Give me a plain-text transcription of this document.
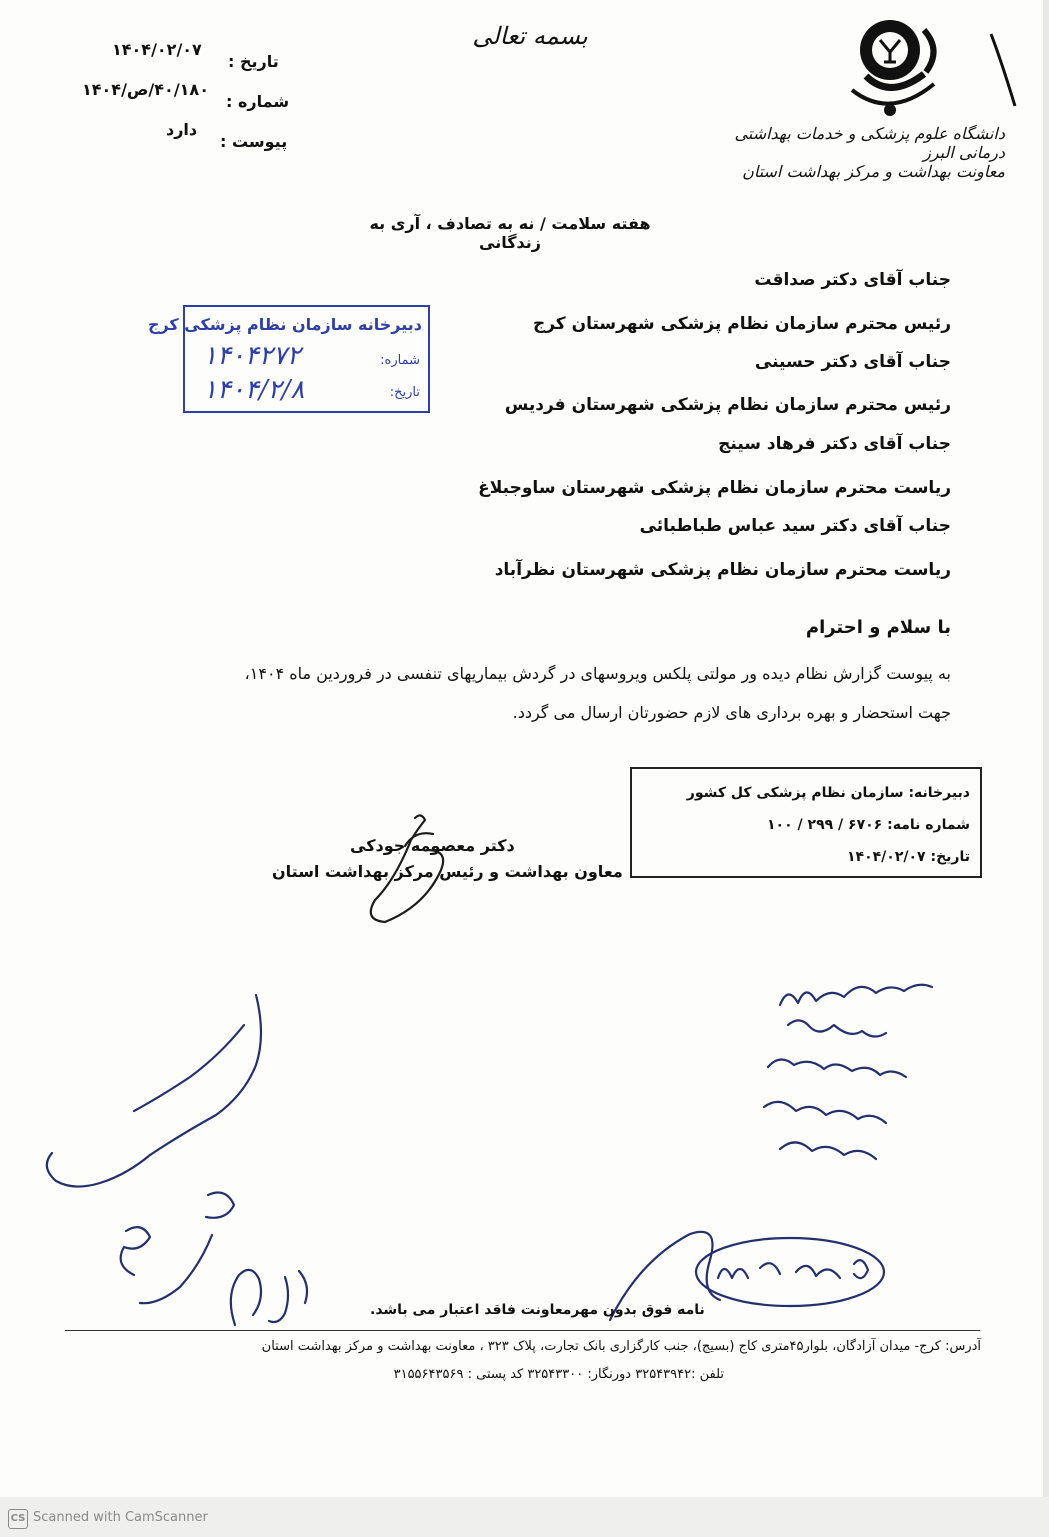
بسمه تعالی
تاریخ :
۱۴۰۴/۰۲/۰۷
شماره :
۴۰/۱۸۰/ص/۱۴۰۴
پیوست :
دارد	دانشگاه علوم پزشکی و خدمات بهداشتی درمانی البرز
معاونت بهداشت و مرکز بهداشت استان
هفته سلامت / نه به تصادف ، آری به زندگانی
جناب آقای دکتر صداقت
رئیس محترم سازمان نظام پزشکی شهرستان کرج
جناب آقای دکتر حسینی
رئیس محترم سازمان نظام پزشکی شهرستان فردیس
جناب آقای دکتر فرهاد سینج
ریاست محترم سازمان نظام پزشکی شهرستان ساوجبلاغ
جناب آقای دکتر سید عباس طباطبائی
ریاست محترم سازمان نظام پزشکی شهرستان نظرآباد
دبیرخانه سازمان نظام پزشکی کرج
شماره:
۱۴۰۴۲۷۲
تاریخ:
۱۴۰۴/۲/۸
با سلام و احترام
به پیوست گزارش نظام دیده ور مولتی پلکس ویروسهای در گردش بیماریهای تنفسی در فروردین ماه ۱۴۰۴،
جهت استحضار و بهره برداری های لازم حضورتان ارسال می گردد.
دبیرخانه: سازمان نظام پزشکی کل کشور
شماره نامه: ۶۷۰۶ / ۲۹۹ / ۱۰۰
تاریخ: ۱۴۰۴/۰۲/۰۷
دکتر معصومه جودکی
معاون بهداشت و رئیس مرکز بهداشت استان
نامه فوق بدون مهرمعاونت فاقد اعتبار می باشد.
آدرس: کرج- میدان آزادگان، بلوار۴۵متری کاج (بسیج)، جنب کارگزاری بانک تجارت، پلاک ۳۲۳ ، معاونت بهداشت و مرکز بهداشت استان
تلفن :۳۲۵۴۳۹۴۲ دورنگار: ۳۲۵۴۳۳۰۰ کد پستی : ۳۱۵۵۶۴۳۵۶۹
CS Scanned with CamScanner
